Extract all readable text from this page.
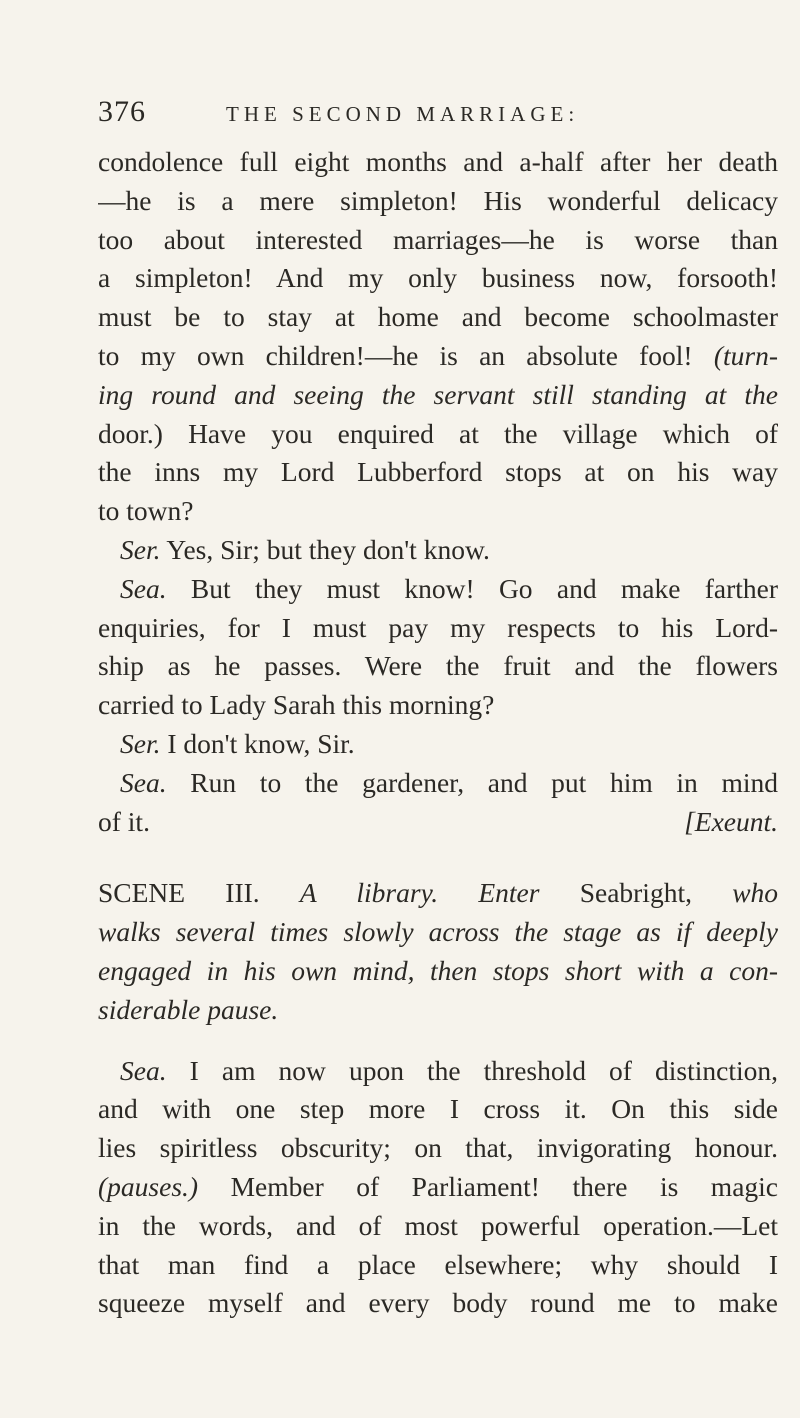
376	THE SECOND MARRIAGE:
condolence full eight months and a-half after her death
—he is a mere simpleton! His wonderful delicacy
too about interested marriages—he is worse than
a simpleton! And my only business now, forsooth!
must be to stay at home and become schoolmaster
to my own children!—he is an absolute fool! (turn-
ing round and seeing the servant still standing at the
door.) Have you enquired at the village which of
the inns my Lord Lubberford stops at on his way
to town?
Ser. Yes, Sir; but they don't know.
Sea. But they must know! Go and make farther
enquiries, for I must pay my respects to his Lord-
ship as he passes. Were the fruit and the flowers
carried to Lady Sarah this morning?
Ser. I don't know, Sir.
Sea. Run to the gardener, and put him in mind
of it.	[Exeunt.
SCENE III. A library. Enter Seabright, who
walks several times slowly across the stage as if deeply
engaged in his own mind, then stops short with a con-
siderable pause.
Sea. I am now upon the threshold of distinction,
and with one step more I cross it. On this side
lies spiritless obscurity; on that, invigorating honour.
(pauses.) Member of Parliament! there is magic
in the words, and of most powerful operation.—Let
that man find a place elsewhere; why should I
squeeze myself and every body round me to make
